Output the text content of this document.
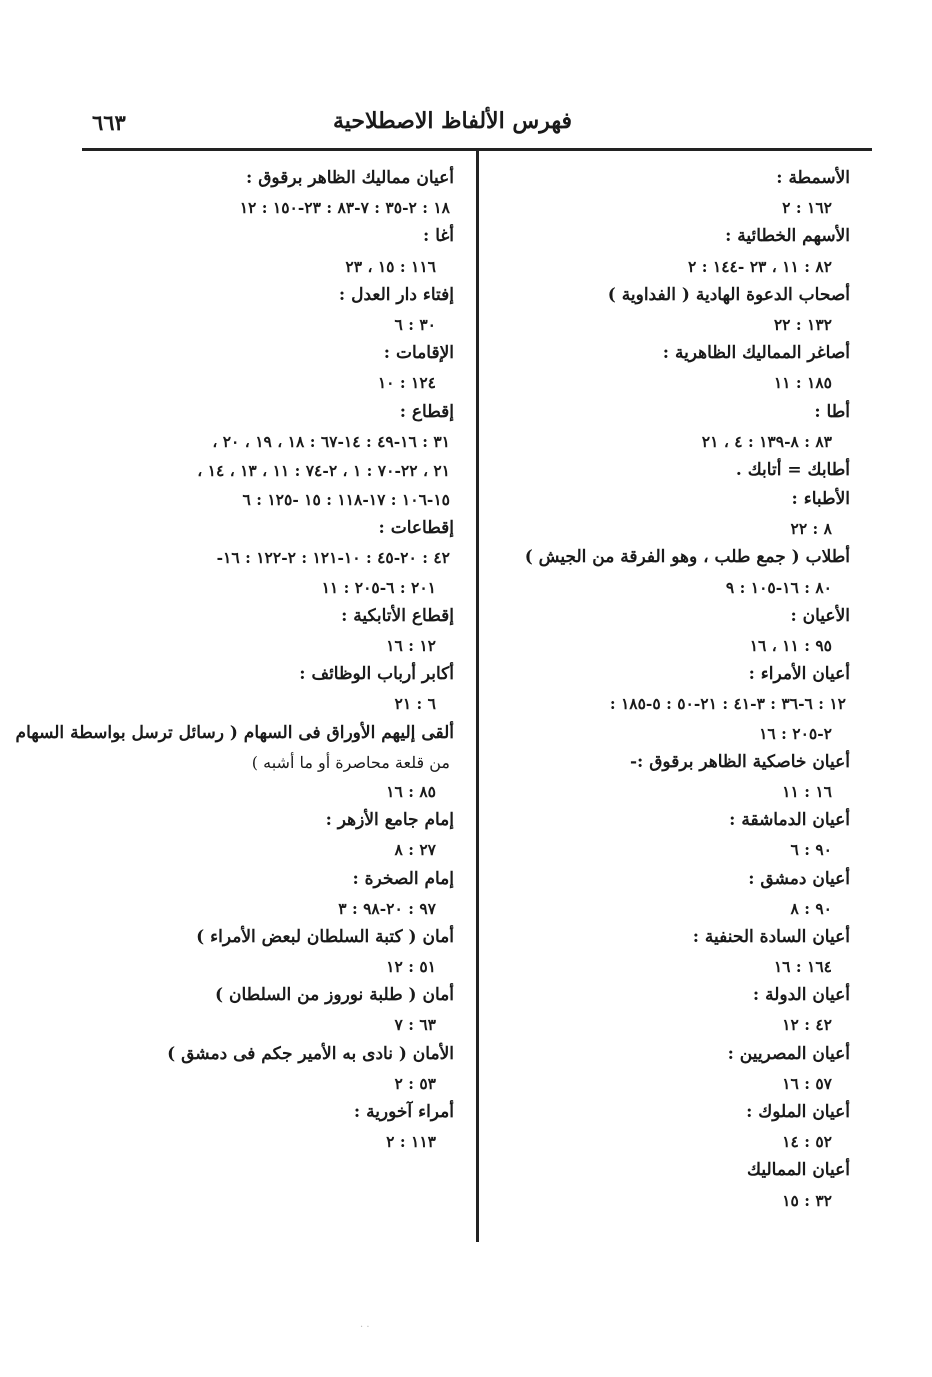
فهرس الألفاظ الاصطلاحية
٦٦٣
الأسمطة :
١٦٢ : ٢
الأسهم الخطائية :
٨٢ : ١١ ، ٢٣ -١٤٤ : ٢
أصحاب الدعوة الهادية ( الفداوية )
١٣٢ : ٢٢
أصاغر المماليك الظاهرية :
١٨٥ : ١١
أطا :
٨٣ : ٨-١٣٩ : ٤ ، ٢١
أطابك = أتابك .
الأطباء :
٨ : ٢٢
أطلاب ( جمع طلب ، وهو الفرقة من الجيش )
٨٠ : ١٦-١٠٥ : ٩
الأعيان :
٩٥ : ١١ ، ١٦
أعيان الأمراء :
١٢ : ٦-٣٦ : ٣-٤١ : ٢١-٥٠ : ٥-١٨٥ :
٢-٢٠٥ : ١٦
أعيان خاصكية الظاهر برقوق :-
١٦ : ١١
أعيان الدماشقة :
٩٠ : ٦
أعيان دمشق :
٩٠ : ٨
أعيان السادة الحنفية :
١٦٤ : ١٦
أعيان الدولة :
٤٢ : ١٢
أعيان المصريين :
٥٧ : ١٦
أعيان الملوك :
٥٢ : ١٤
أعيان المماليك
٣٢ : ١٥
أعيان مماليك الظاهر برقوق :
١٨ : ٢-٣٥ : ٧-٨٣ : ٢٣-١٥٠ : ١٢
أغا :
١١٦ : ١٥ ، ٢٣
إفتاء دار العدل :
٣٠ : ٦
الإقامات :
١٢٤ : ١٠
إقطاع :
٣١ : ١٦-٤٩ : ١٤-٦٧ : ١٨ ، ١٩ ، ٢٠ ،
٢١ ، ٢٢-٧٠ : ١ ، ٢-٧٤ : ١١ ، ١٣ ، ١٤ ،
١٥-١٠٦ : ١٧-١١٨ : ١٥ -١٢٥ : ٦
إقطاعات :
٤٢ : ٢٠-٤٥ : ١٠-١٢١ : ٢-١٢٢ : ١٦-
٢٠١ : ٦-٢٠٥ : ١١
إقطاع الأتابكية :
١٢ : ١٦
أكابر أرباب الوظائف :
٦ : ٢١
ألقى إليهم الأوراق فى السهام ( رسائل ترسل بواسطة السهام
من قلعة محاصرة أو ما أشبه )
٨٥ : ١٦
إمام جامع الأزهر :
٢٧ : ٨
إمام الصخرة :
٩٧ : ٢٠-٩٨ : ٣
أمان ( كتبة السلطان لبعض الأمراء )
٥١ : ١٢
أمان ( طلبة نوروز من السلطان )
٦٣ : ٧
الأمان ( نادى به الأمير جكم فى دمشق )
٥٣ : ٢
أمراء آخورية :
١١٣ : ٢
· ·
